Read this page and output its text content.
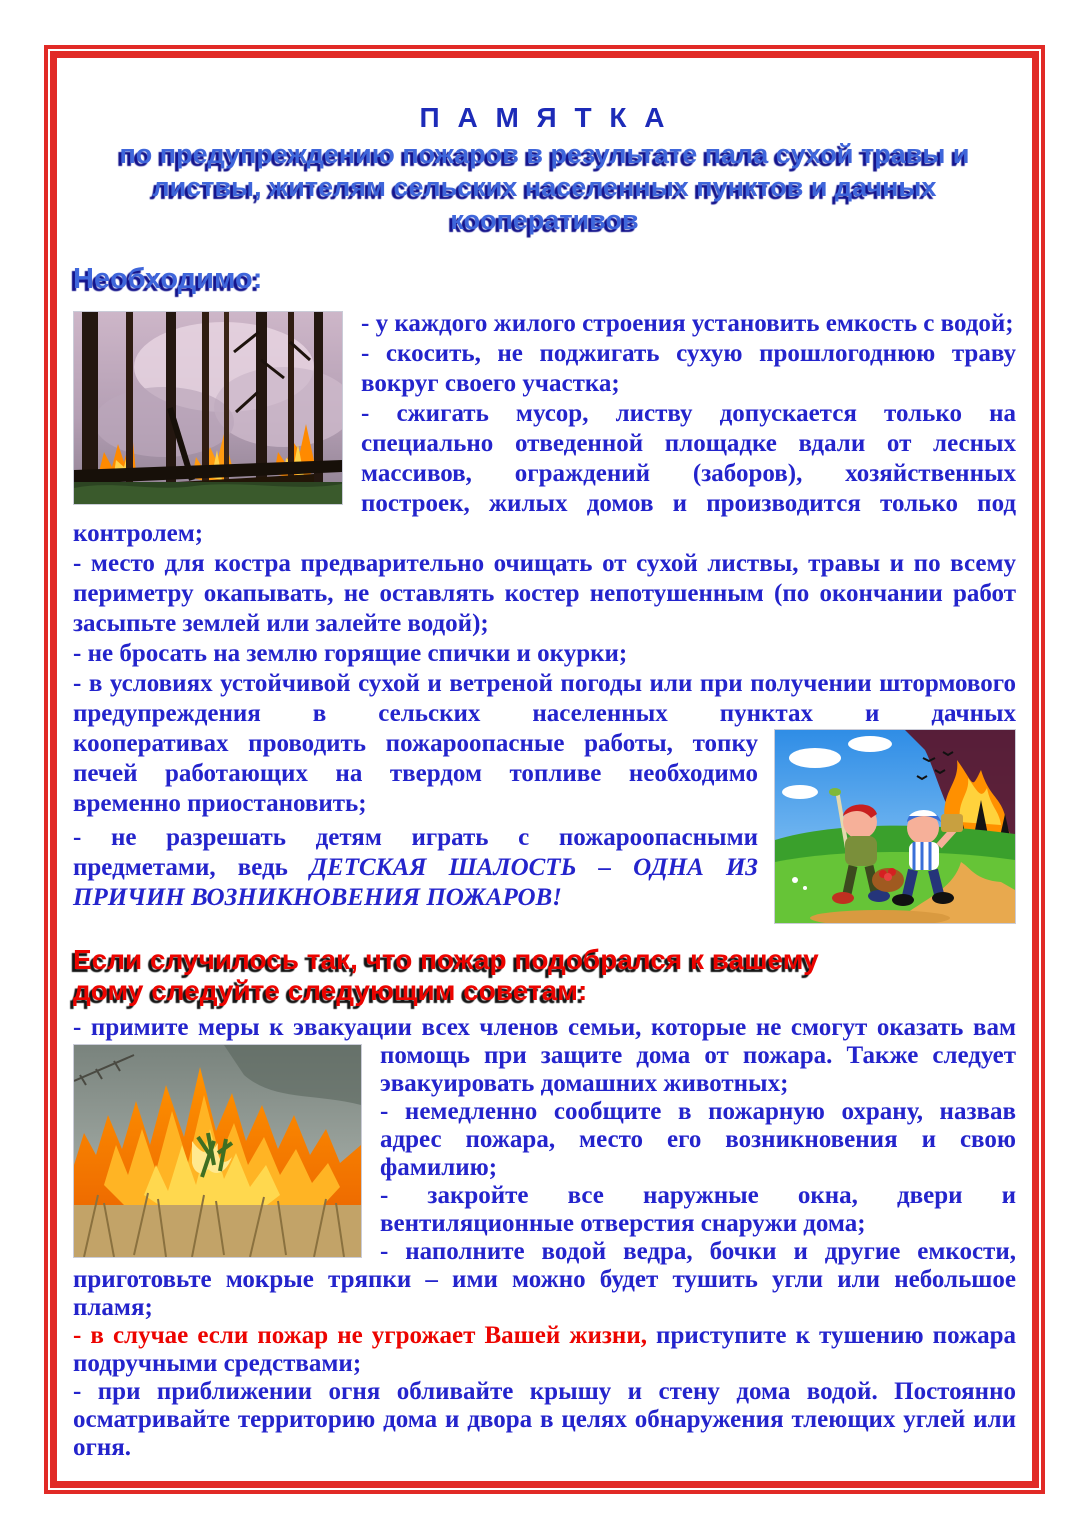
П А М Я Т К А
по предупреждению пожаров в результате пала сухой травы и листвы, жителям сельских населенных пунктов и дачных кооперативов
Необходимо:

- у каждого жилого строения установить емкость с водой;

- скосить, не поджигать сухую прошлогоднюю траву вокруг своего участка;

- сжигать мусор, листву допускается только на специально отведенной площадке вдали от лесных массивов, ограждений (заборов), хозяйственных построек, жилых домов и производится только под контролем;

- место для костра предварительно очищать от сухой листвы, травы и по всему периметру окапывать, не оставлять костер непотушенным (по окончании работ засыпьте землей или залейте водой);

- не бросать на землю горящие спички и окурки;

- в условиях устойчивой сухой и ветреной погоды или при получении штормового предупреждения в сельских населенных пунктах и дачных

кооперативах проводить пожароопасные работы, топку печей работающих на твердом топливе необходимо временно приостановить;

- не разрешать детям играть с пожароопасными предметами, ведь ДЕТСКАЯ ШАЛОСТЬ – ОДНА ИЗ ПРИЧИН ВОЗНИКНОВЕНИЯ ПОЖАРОВ!

Если случилось так, что пожар подобрался к вашему
дому следуйте следующим советам:

- примите меры к эвакуации всех членов семьи, которые не смогут оказать вам

помощь при защите дома от пожара. Также следует эвакуировать домашних животных;

- немедленно сообщите в пожарную охрану, назвав адрес пожара, место его возникновения и свою фамилию;

- закройте все наружные окна, двери и вентиляционные отверстия снаружи дома;

- наполните водой ведра, бочки и другие емкости, приготовьте мокрые тряпки – ими можно будет тушить угли или небольшое пламя;

- в случае если пожар не угрожает Вашей жизни, приступите к тушению пожара подручными средствами;

- при приближении огня обливайте крышу и стену дома водой. Постоянно осматривайте территорию дома и двора в целях обнаружения тлеющих углей или огня.
